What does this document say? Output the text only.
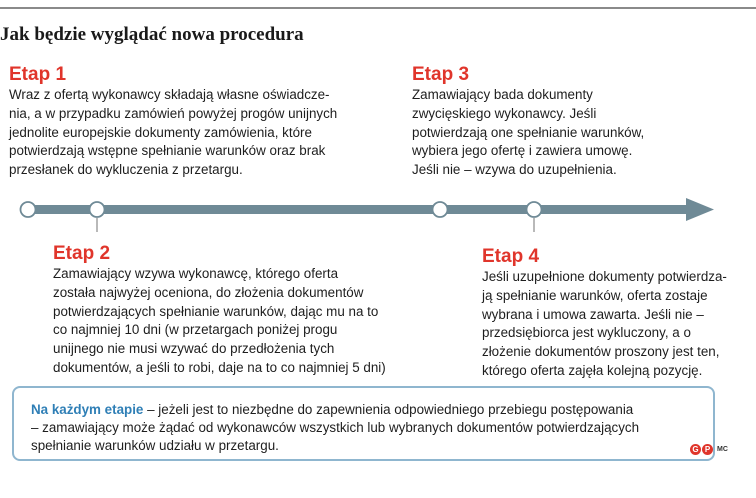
Jak będzie wyglądać nowa procedura
Etap 1
Wraz z ofertą wykonawcy składają własne oświadcze-
nia, a w przypadku zamówień powyżej progów unijnych
jednolite europejskie dokumenty zamówienia, które
potwierdzają wstępne spełnianie warunków oraz brak
przesłanek do wykluczenia z przetargu.
Etap 3
Zamawiający bada dokumenty
zwycięskiego wykonawcy. Jeśli
potwierdzają one spełnianie warunków,
wybiera jego ofertę i zawiera umowę.
Jeśli nie – wzywa do uzupełnienia.
Etap 2
Zamawiający wzywa wykonawcę, którego oferta
została najwyżej oceniona, do złożenia dokumentów
potwierdzających spełnianie warunków, dając mu na to
co najmniej 10 dni (w przetargach poniżej progu
unijnego nie musi wzywać do przedłożenia tych
dokumentów, a jeśli to robi, daje na to co najmniej 5 dni)
Etap 4
Jeśli uzupełnione dokumenty potwierdza-
ją spełnianie warunków, oferta zostaje
wybrana i umowa zawarta. Jeśli nie –
przedsiębiorca jest wykluczony, a o
złożenie dokumentów proszony jest ten,
którego oferta zajęła kolejną pozycję.
Na każdym etapie – jeżeli jest to niezbędne do zapewnienia odpowiedniego przebiegu postępowania
– zamawiający może żądać od wykonawców wszystkich lub wybranych dokumentów potwierdzających
spełnianie warunków udziału w przetargu.	G P MC
